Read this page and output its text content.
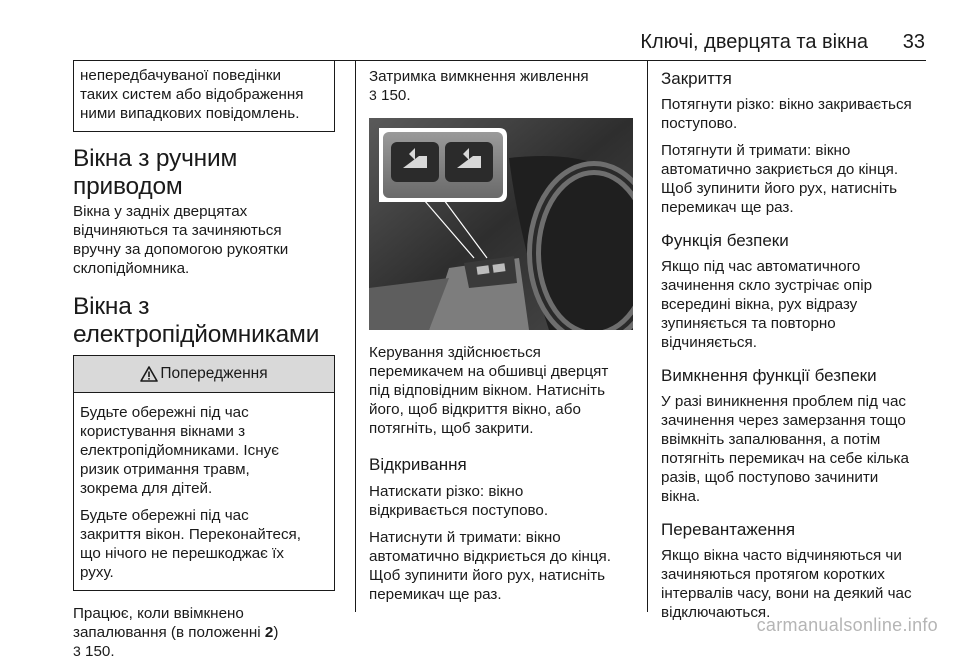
Ключі, дверцята та вікна 33

непередбачуваної поведінки

таких систем або відображення

ними випадкових повідомлень.

Вікна з ручним приводом

Вікна у задніх дверцятах

відчиняються та зачиняються

вручну за допомогою рукоятки

склопідйомника.

Вікна з
електропідйомниками
Попередження

Будьте обережні під час
користування вікнами з
електропідйомниками. Існує
ризик отримання травм,
зокрема для дітей.

Будьте обережні під час
закриття вікон. Переконайтеся,
що нічого не перешкоджає їх
руху.

Працює, коли ввімкнено

запалювання (в положенні 2)

3 150.

Затримка вимкнення живлення

3 150.

Керування здійснюється

перемикачем на обшивці дверцят

під відповідним вікном. Натисніть

його, щоб відкриття вікно, або

потягніть, щоб закрити.

Відкривання

Натискати різко: вікно

відкривається поступово.

Натиснути й тримати: вікно

автоматично відкриється до кінця.

Щоб зупинити його рух, натисніть

перемикач ще раз.

Закриття

Потягнути різко: вікно закривається

поступово.

Потягнути й тримати: вікно

автоматично закриється до кінця.

Щоб зупинити його рух, натисніть

перемикач ще раз.

Функція безпеки

Якщо під час автоматичного

зачинення скло зустрічає опір

всередині вікна, рух відразу

зупиняється та повторно

відчиняється.

Вимкнення функції безпеки

У разі виникнення проблем під час

зачинення через замерзання тощо

ввімкніть запалювання, а потім

потягніть перемикач на себе кілька

разів, щоб поступово зачинити

вікна.

Перевантаження

Якщо вікна часто відчиняються чи

зачиняються протягом коротких

інтервалів часу, вони на деякий час

відключаються.

carmanualsonline.info
